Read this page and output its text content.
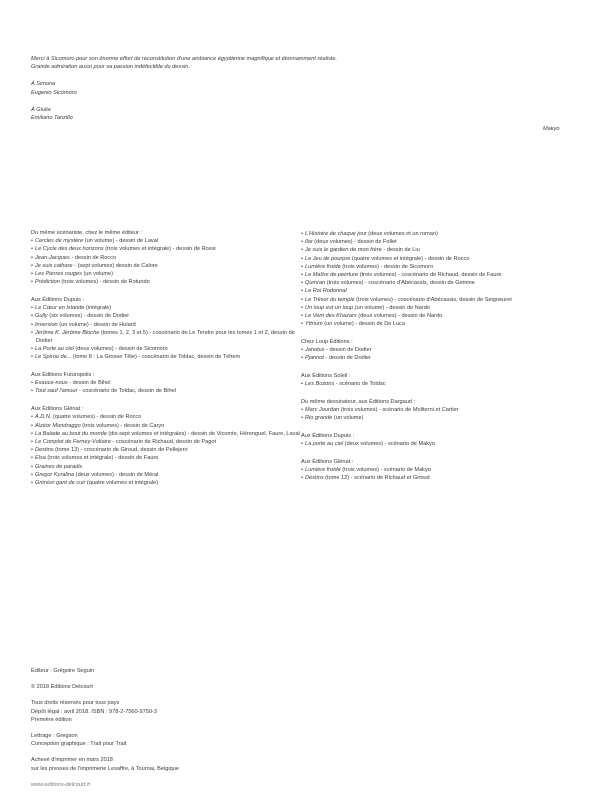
Merci à Sicomoro pour son énorme effort de reconstitution d'une ambiance égyptienne magnifique et étonnamment réaliste.

Grande admiration aussi pour sa passion indéfectible du dessin.

Makyo

À Simona

Eugenio Sicomoro

À Giulia

Emiliano Tanzillo

Du même scénariste, chez le même éditeur :

• Cercles de mystère (un volume) - dessin de Laval
• Le Cycle des deux horizons (trois volumes et intégrale) - dessin de Rossi
• Jean-Jacques - dessin de Rocco
• Je suis cathare - (sept volumes) dessin de Calore
• Les Pierres rouges (un volume)
• Prédiction (trois volumes) - dessin de Rotundo

Aux Éditions Dupuis :

• Le Cœur en Islande (intégrale)
• Gully (six volumes) - dessin de Dodier
• Inversion (un volume) - dessin de Hulard
• Jérôme K. Jérôme Bloche (tomes 1, 2, 3 et 5) - coscénario de Le Tendre pour les tomes 1 et 2, dessin de Dodier
• La Porte au ciel (deux volumes) - dessin de Sicomoro
• Le Spirou de... (tome 8 : La Grosse Tête) - coscénario de Toldac, dessin de Téhem

Aux Éditions Futuropolis :

• Exauce-nous - dessin de Bihel
• Tout sauf l'amour - coscénario de Toldac, dessin de Bihel

Aux Éditions Glénat :

• A.D.N. (quatre volumes) - dessin de Rocco
• Alzéor Mondraggo (trois volumes) - dessin de Caryn
• La Balade au bout du monde (dix-sept volumes et intégrales) - dessin de Vicomte, Hérenguel, Faure, Laval
• Le Complot de Ferney-Voltaire - coscénario de Richaud, dessin de Pagot
• Destins (tome 13) - coscénario de Giroud, dessin de Pellejero
• Elsa (trois volumes et intégrale) - dessin de Faure
• Graines de paradis
• Gregor Kyralina (deux volumes) - dessin de Méral
• Grimion gant de cuir (quatre volumes et intégrale)
• L'Histoire de chaque jour (deux volumes et un roman)
• Ilar (deux volumes) - dessin de Follet
• Je suis le gardien de mon frère - dessin de Liu
• Le Jeu de pourpre (quatre volumes et intégrale) - dessin de Rocco
• Lumière froide (trois volumes) - dessin de Sicomoro
• Le Maître de peinture (trois volumes) - coscénario de Richaud, dessin de Faure
• Qumran (trois volumes) - coscénario d'Abécassis, dessin de Gemine
• Le Roi Rodonnal
• Le Trésor du temple (trois volumes) - coscénario d'Abécassis, dessin de Seigneuret
• Un loup est un loup (un volume) - dessin de Nardo
• Le Vent des Khazars (deux volumes) - dessin de Nardo
• Yttrium (un volume) - dessin de De Luca

Chez Loup Éditions :

• Janotus - dessin de Dodier
• Pjannot - dessin de Dodier

Aux Éditions Soleil :

• Les Bozons - scénario de Toldac

Du même dessinateur, aux Éditions Dargaud :

• Marc Jourdan (trois volumes) - scénario de Moliterni et Cartier
• Rio grande (un volume)

Aux Éditions Dupuis :

• La porte au ciel (deux volumes) - scénario de Makyo

Aux Éditions Glénat :

• Lumière froide (trois volumes) - scénario de Makyo
• Destins (tome 12) - scénario de Richaud et Giroud

Éditeur : Grégoire Seguin

© 2018 Éditions Delcourt

Tous droits réservés pour tous pays

Dépôt légal : avril 2018. ISBN : 978-2-7560-9750-3

Première édition

Lettrage : Gregson

Conception graphique : Trait pour Trait

Achevé d'imprimer en mars 2018

sur les presses de l'imprimerie Lesaffre, à Tournai, Belgique

www.editions-delcourt.fr
